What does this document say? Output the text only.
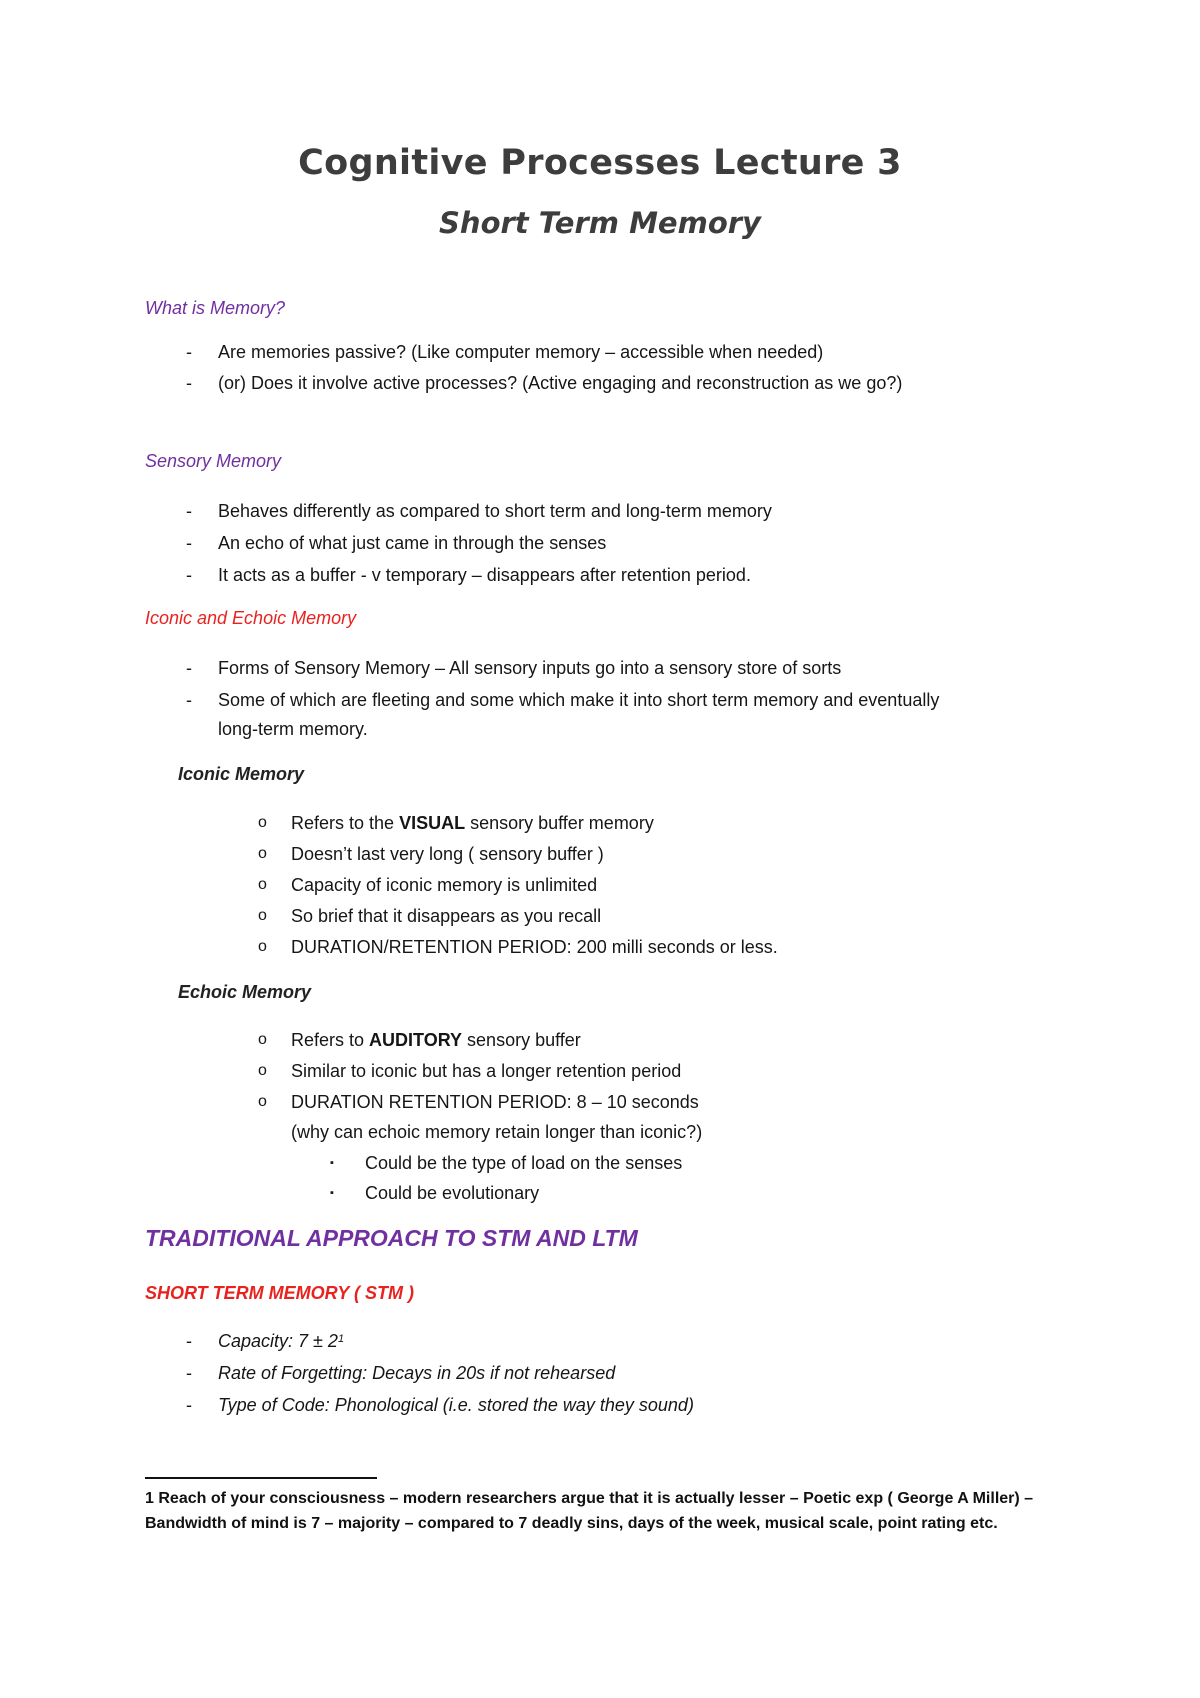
Cognitive Processes Lecture 3
Short Term Memory
What is Memory?
- Are memories passive? (Like computer memory – accessible when needed)
- (or) Does it involve active processes? (Active engaging and reconstruction as we go?)
Sensory Memory
- Behaves differently as compared to short term and long-term memory
- An echo of what just came in through the senses
- It acts as a buffer - v temporary – disappears after retention period.
Iconic and Echoic Memory
- Forms of Sensory Memory – All sensory inputs go into a sensory store of sorts
- Some of which are fleeting and some which make it into short term memory and eventually
long-term memory.
Iconic Memory
o Refers to the VISUAL sensory buffer memory
o Doesn’t last very long ( sensory buffer )
o Capacity of iconic memory is unlimited
o So brief that it disappears as you recall
o DURATION/RETENTION PERIOD: 200 milli seconds or less.
Echoic Memory
o Refers to AUDITORY sensory buffer
o Similar to iconic but has a longer retention period
o DURATION RETENTION PERIOD: 8 – 10 seconds
(why can echoic memory retain longer than iconic?)
▪ Could be the type of load on the senses
▪ Could be evolutionary
TRADITIONAL APPROACH TO STM AND LTM
SHORT TERM MEMORY ( STM )
- Capacity: $7 \pm 2^1$
- Rate of Forgetting: Decays in 20s if not rehearsed
- Type of Code: Phonological (i.e. stored the way they sound)
1 Reach of your consciousness – modern researchers argue that it is actually lesser – Poetic exp ( George A Miller) – Bandwidth of mind is 7 – majority – compared to 7 deadly sins, days of the week, musical scale, point rating etc.
